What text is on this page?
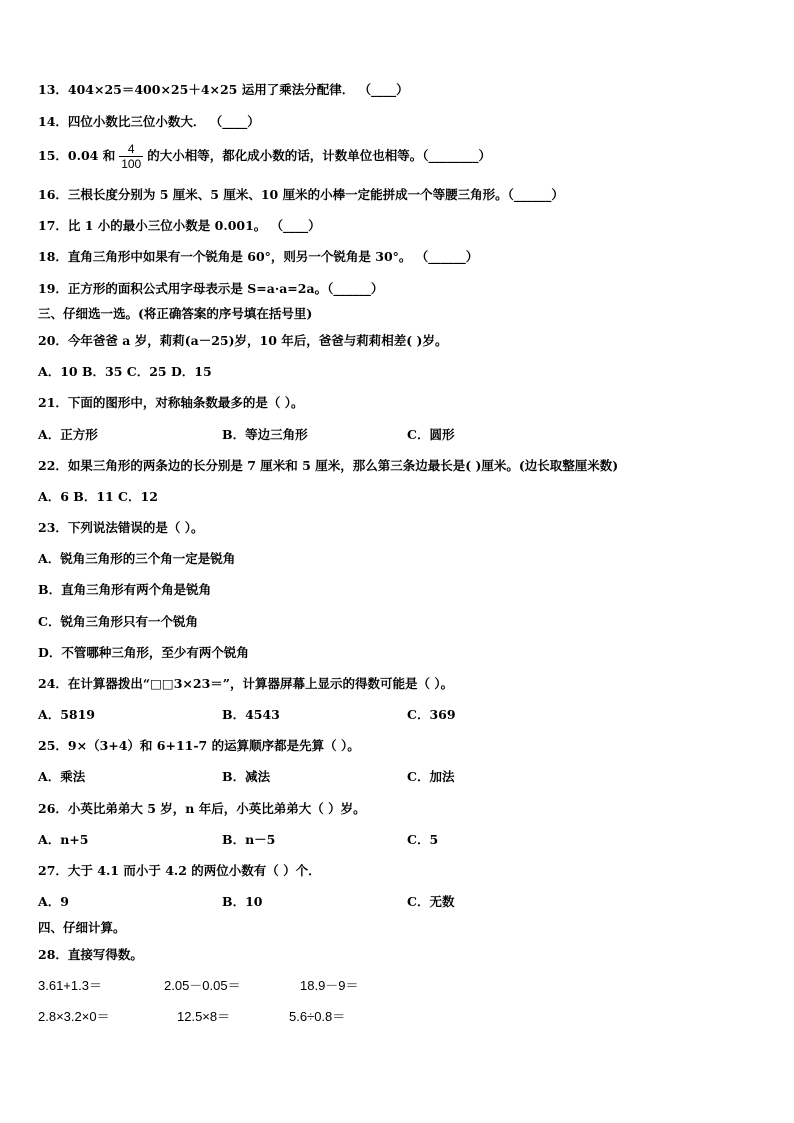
13．404×25＝400×25＋4×25 运用了乘法分配律． （____）
14．四位小数比三位小数大． （____）
15．0.04 和 $\frac{4}{100}$ 的大小相等，都化成小数的话，计数单位也相等。（________）
16．三根长度分别为 5 厘米、5 厘米、10 厘米的小棒一定能拼成一个等腰三角形。（______）
17．比 1 小的最小三位小数是 0.001。 （____）
18．直角三角形中如果有一个锐角是 60°，则另一个锐角是 30°。 （______）
19．正方形的面积公式用字母表示是 S=a·a=2a。（______）
三、仔细选一选。(将正确答案的序号填在括号里)
20．今年爸爸 a 岁，莉莉(a－25)岁，10 年后，爸爸与莉莉相差( )岁。
A．10 B．35 C．25 D．15
21．下面的图形中，对称轴条数最多的是（ ）。
A．正方形	B．等边三角形	C．圆形
22．如果三角形的两条边的长分别是 7 厘米和 5 厘米，那么第三条边最长是( )厘米。(边长取整厘米数)
A．6 B．11 C．12
23．下列说法错误的是（ ）。
A．锐角三角形的三个角一定是锐角
B．直角三角形有两个角是锐角
C．锐角三角形只有一个锐角
D．不管哪种三角形，至少有两个锐角
24．在计算器拨出“□□3×23＝”，计算器屏幕上显示的得数可能是（ ）。
A．5819	B．4543	C．369
25．9×（3+4）和 6+11-7 的运算顺序都是先算（ ）。
A．乘法	B．减法	C．加法
26．小英比弟弟大 5 岁，n 年后，小英比弟弟大（ ）岁。
A．n+5	B．n－5	C．5
27．大于 4.1 而小于 4.2 的两位小数有（ ）个．
A．9	B．10	C．无数
四、仔细计算。
28．直接写得数。
3.61+1.3＝	2.05－0.05＝	18.9－9＝
2.8×3.2×0＝	12.5×8＝	5.6÷0.8＝
